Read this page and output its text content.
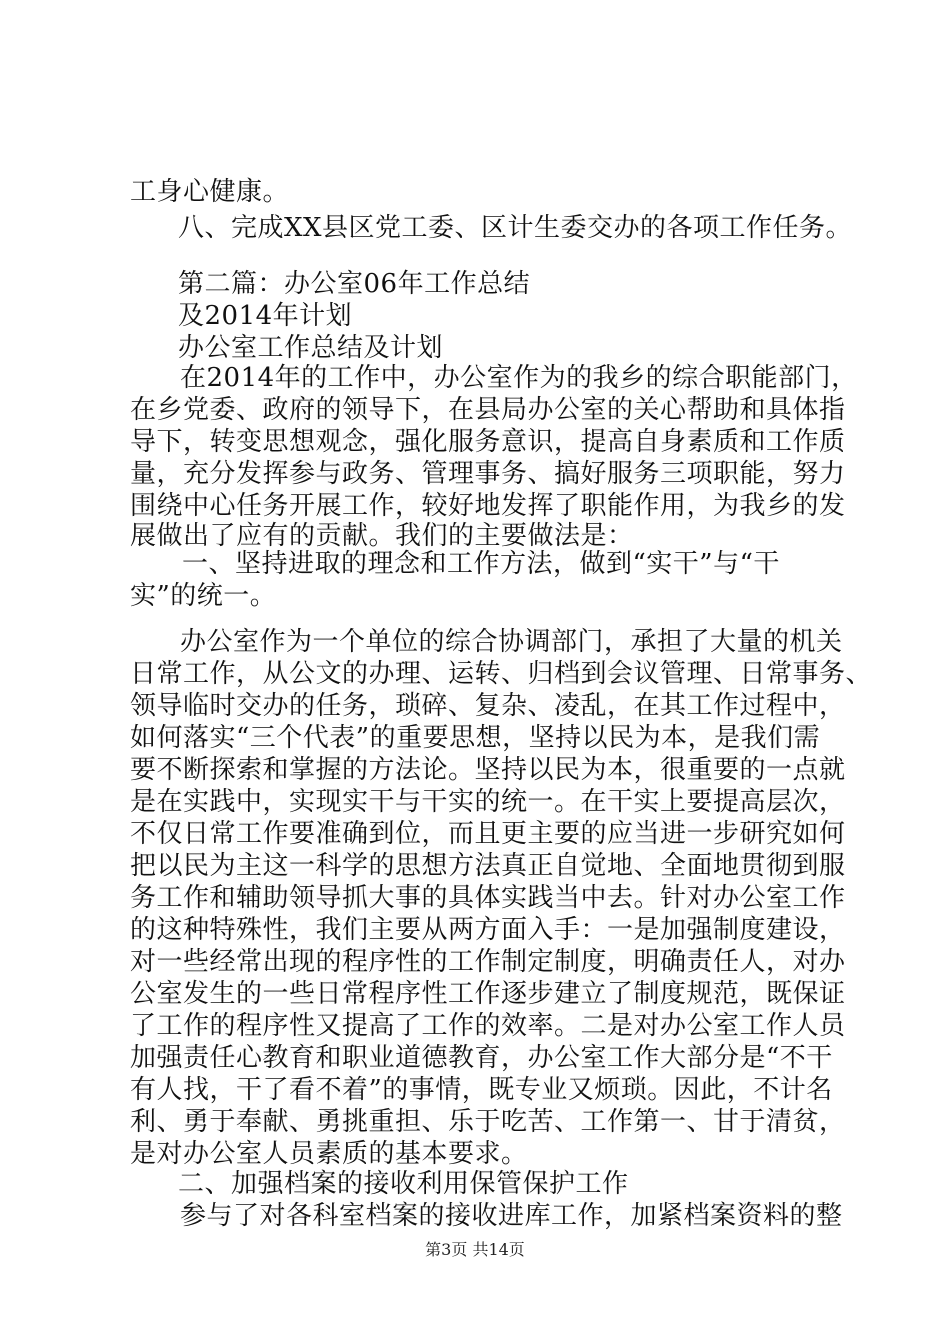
工身心健康。
八、完成XX县区党工委、区计生委交办的各项工作任务。
第二篇：办公室06年工作总结
及2014年计划
办公室工作总结及计划
在2014年的工作中，办公室作为的我乡的综合职能部门，
在乡党委、政府的领导下，在县局办公室的关心帮助和具体指
导下，转变思想观念，强化服务意识，提高自身素质和工作质
量，充分发挥参与政务、管理事务、搞好服务三项职能，努力
围绕中心任务开展工作，较好地发挥了职能作用，为我乡的发
展做出了应有的贡献。我们的主要做法是：
一、坚持进取的理念和工作方法，做到“实干”与“干
实”的统一。
办公室作为一个单位的综合协调部门，承担了大量的机关
日常工作，从公文的办理、运转、归档到会议管理、日常事务、
领导临时交办的任务，琐碎、复杂、凌乱，在其工作过程中，
如何落实“三个代表”的重要思想，坚持以民为本，是我们需
要不断探索和掌握的方法论。坚持以民为本，很重要的一点就
是在实践中，实现实干与干实的统一。在干实上要提高层次，
不仅日常工作要准确到位，而且更主要的应当进一步研究如何
把以民为主这一科学的思想方法真正自觉地、全面地贯彻到服
务工作和辅助领导抓大事的具体实践当中去。针对办公室工作
的这种特殊性，我们主要从两方面入手：一是加强制度建设，
对一些经常出现的程序性的工作制定制度，明确责任人，对办
公室发生的一些日常程序性工作逐步建立了制度规范，既保证
了工作的程序性又提高了工作的效率。二是对办公室工作人员
加强责任心教育和职业道德教育，办公室工作大部分是“不干
有人找，干了看不着”的事情，既专业又烦琐。因此，不计名
利、勇于奉献、勇挑重担、乐于吃苦、工作第一、甘于清贫，
是对办公室人员素质的基本要求。
二、加强档案的接收利用保管保护工作
参与了对各科室档案的接收进库工作，加紧档案资料的整
第3页 共14页
